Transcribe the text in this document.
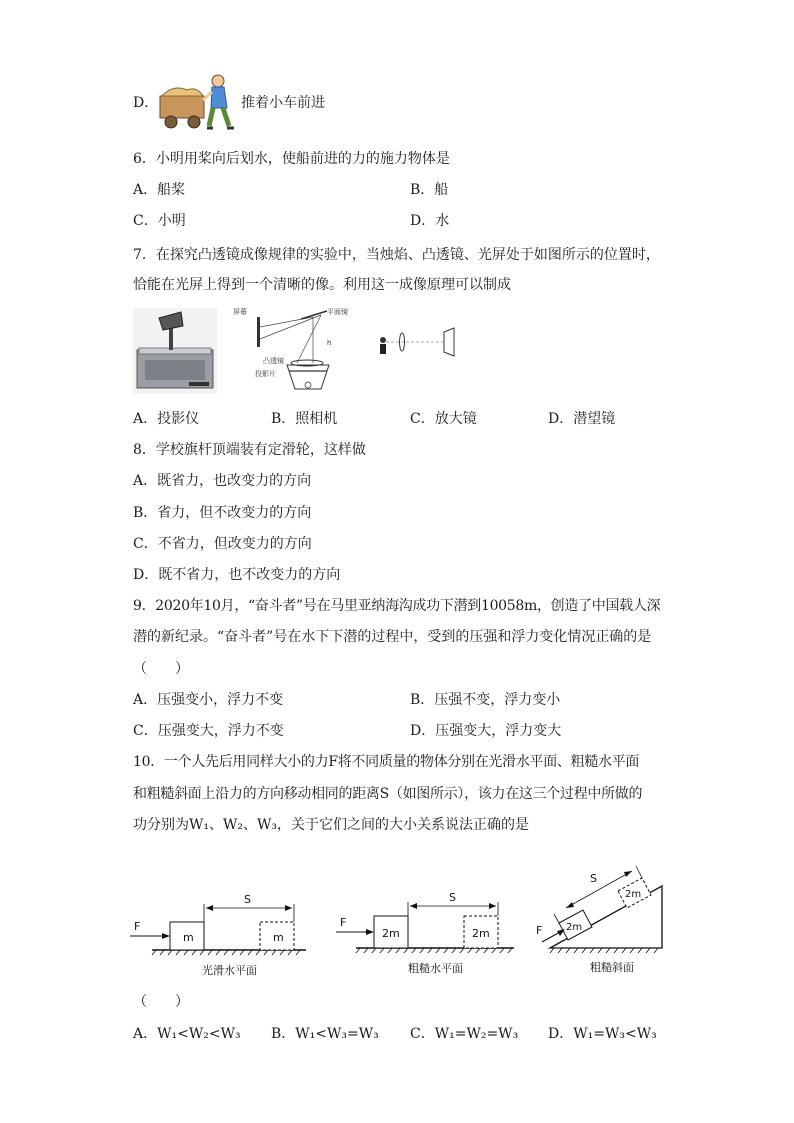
D．	推着小车前进
6．小明用桨向后划水，使船前进的力的施力物体是
A．船桨	B．船
C．小明	D．水
7．在探究凸透镜成像规律的实验中，当烛焰、凸透镜、光屏处于如图所示的位置时，
恰能在光屏上得到一个清晰的像。利用这一成像原理可以制成
屏幕	平面镜
凸透镜
投影片
h
A．投影仪	B．照相机	C．放大镜	D．潜望镜
8．学校旗杆顶端装有定滑轮，这样做
A．既省力，也改变力的方向
B．省力，但不改变力的方向
C．不省力，但改变力的方向
D．既不省力，也不改变力的方向
9．2020年10月，“奋斗者”号在马里亚纳海沟成功下潜到10058m，创造了中国载人深
潜的新纪录。“奋斗者”号在水下下潜的过程中，受到的压强和浮力变化情况正确的是
（　　）
A．压强变小，浮力不变	B．压强不变，浮力变小
C．压强变大，浮力不变	D．压强变大，浮力变大
10．一个人先后用同样大小的力F将不同质量的物体分别在光滑水平面、粗糙水平面
和粗糙斜面上沿力的方向移动相同的距离S（如图所示），该力在这三个过程中所做的
功分别为W₁、W₂、W₃，关于它们之间的大小关系说法正确的是
F
m	m
S
光滑水平面
F
2m	2m
S
粗糙水平面
F 2m
2m
S
粗糙斜面
（　　）
A．W₁<W₂<W₃ B．W₁<W₃=W₃ C．W₁=W₂=W₃ D．W₁=W₃<W₃
